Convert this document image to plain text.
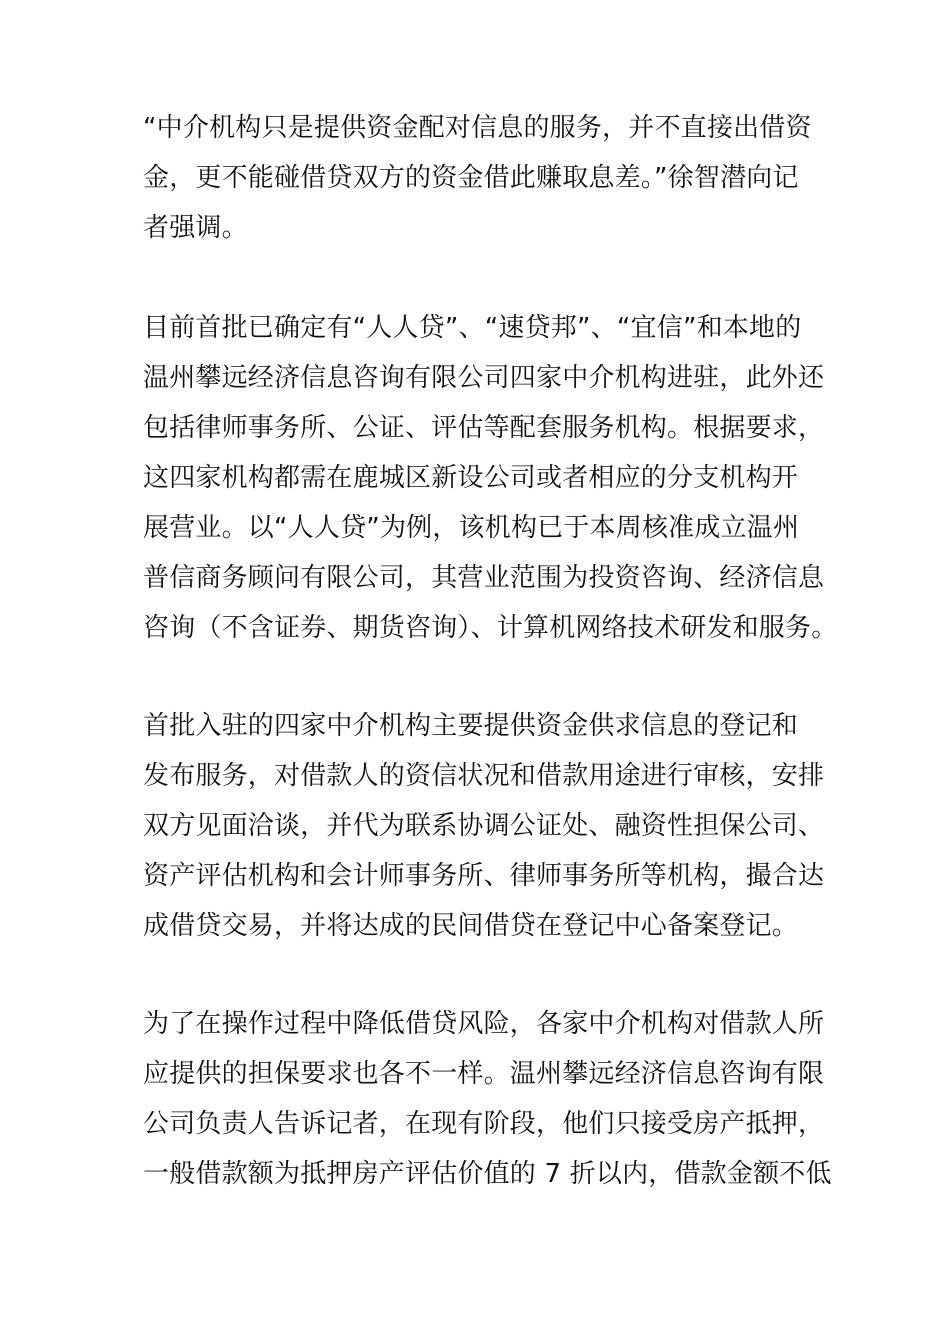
“中介机构只是提供资金配对信息的服务，并不直接出借资
金，更不能碰借贷双方的资金借此赚取息差。”徐智潜向记
者强调。
目前首批已确定有“人人贷”、“速贷邦”、“宜信”和本地的
温州攀远经济信息咨询有限公司四家中介机构进驻，此外还
包括律师事务所、公证、评估等配套服务机构。根据要求，
这四家机构都需在鹿城区新设公司或者相应的分支机构开
展营业。以“人人贷”为例，该机构已于本周核准成立温州
普信商务顾问有限公司，其营业范围为投资咨询、经济信息
咨询（不含证券、期货咨询）、计算机网络技术研发和服务。
首批入驻的四家中介机构主要提供资金供求信息的登记和
发布服务，对借款人的资信状况和借款用途进行审核，安排
双方见面洽谈，并代为联系协调公证处、融资性担保公司、
资产评估机构和会计师事务所、律师事务所等机构，撮合达
成借贷交易，并将达成的民间借贷在登记中心备案登记。
为了在操作过程中降低借贷风险，各家中介机构对借款人所
应提供的担保要求也各不一样。温州攀远经济信息咨询有限
公司负责人告诉记者，在现有阶段，他们只接受房产抵押，
一般借款额为抵押房产评估价值的 7 折以内，借款金额不低
